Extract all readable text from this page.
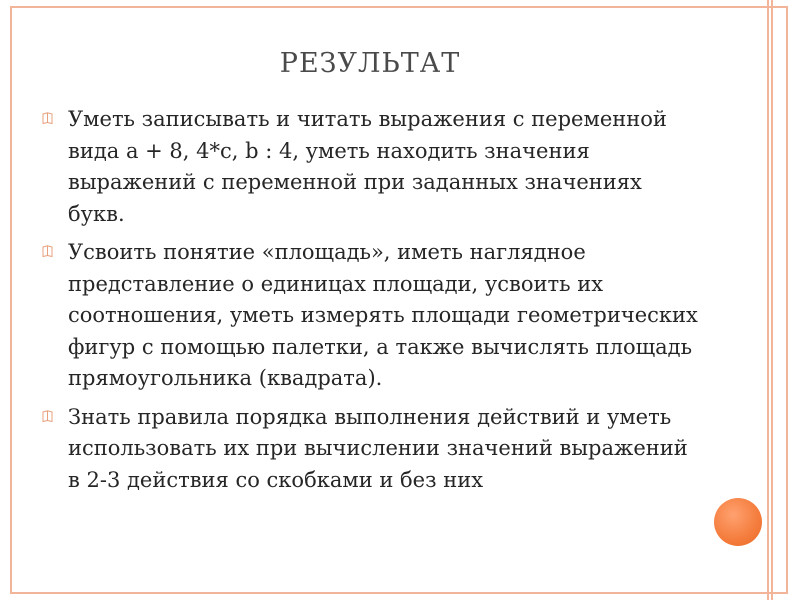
РЕЗУЛЬТАТ
Уметь записывать и читать выражения с переменной вида a + 8, 4*c, b : 4, уметь находить значения выражений с переменной при заданных значениях букв.
Усвоить понятие «площадь», иметь наглядное представление о единицах площади, усвоить их соотношения, уметь измерять площади геометрических фигур с помощью палетки, а также вычислять площадь прямоугольника (квадрата).
Знать правила порядка выполнения действий и уметь использовать их при вычислении значений выражений в 2-3 действия со скобками и без них
